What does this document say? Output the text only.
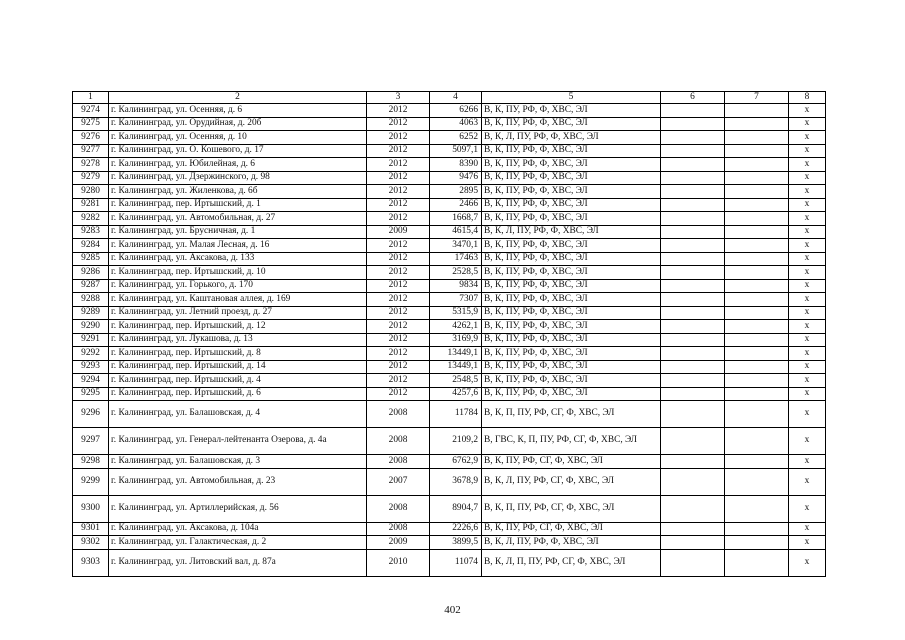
1	2	3	4	5	6	7	8
9274	г. Калининград, ул. Осенняя, д. 6	2012	6266	В, К, ПУ, РФ, Ф, ХВС, ЭЛ			x
9275	г. Калининград, ул. Орудийная, д. 20б	2012	4063	В, К, ПУ, РФ, Ф, ХВС, ЭЛ			x
9276	г. Калининград, ул. Осенняя, д. 10	2012	6252	В, К, Л, ПУ, РФ, Ф, ХВС, ЭЛ			x
9277	г. Калининград, ул. О. Кошевого, д. 17	2012	5097,1	В, К, ПУ, РФ, Ф, ХВС, ЭЛ			x
9278	г. Калининград, ул. Юбилейная, д. 6	2012	8390	В, К, ПУ, РФ, Ф, ХВС, ЭЛ			x
9279	г. Калининград, ул. Дзержинского, д. 98	2012	9476	В, К, ПУ, РФ, Ф, ХВС, ЭЛ			x
9280	г. Калининград, ул. Жиленкова, д. 6б	2012	2895	В, К, ПУ, РФ, Ф, ХВС, ЭЛ			x
9281	г. Калининград, пер. Иртышский, д. 1	2012	2466	В, К, ПУ, РФ, Ф, ХВС, ЭЛ			x
9282	г. Калининград, ул. Автомобильная, д. 27	2012	1668,7	В, К, ПУ, РФ, Ф, ХВС, ЭЛ			x
9283	г. Калининград, ул. Брусничная, д. 1	2009	4615,4	В, К, Л, ПУ, РФ, Ф, ХВС, ЭЛ			x
9284	г. Калининград, ул. Малая Лесная, д. 16	2012	3470,1	В, К, ПУ, РФ, Ф, ХВС, ЭЛ			x
9285	г. Калининград, ул. Аксакова, д. 133	2012	17463	В, К, ПУ, РФ, Ф, ХВС, ЭЛ			x
9286	г. Калининград, пер. Иртышский, д. 10	2012	2528,5	В, К, ПУ, РФ, Ф, ХВС, ЭЛ			x
9287	г. Калининград, ул. Горького, д. 170	2012	9834	В, К, ПУ, РФ, Ф, ХВС, ЭЛ			x
9288	г. Калининград, ул. Каштановая аллея, д. 169	2012	7307	В, К, ПУ, РФ, Ф, ХВС, ЭЛ			x
9289	г. Калининград, ул. Летний проезд, д. 27	2012	5315,9	В, К, ПУ, РФ, Ф, ХВС, ЭЛ			x
9290	г. Калининград, пер. Иртышский, д. 12	2012	4262,1	В, К, ПУ, РФ, Ф, ХВС, ЭЛ			x
9291	г. Калининград, ул. Лукашова, д. 13	2012	3169,9	В, К, ПУ, РФ, Ф, ХВС, ЭЛ			x
9292	г. Калининград, пер. Иртышский, д. 8	2012	13449,1	В, К, ПУ, РФ, Ф, ХВС, ЭЛ			x
9293	г. Калининград, пер. Иртышский, д. 14	2012	13449,1	В, К, ПУ, РФ, Ф, ХВС, ЭЛ			x
9294	г. Калининград, пер. Иртышский, д. 4	2012	2548,5	В, К, ПУ, РФ, Ф, ХВС, ЭЛ			x
9295	г. Калининград, пер. Иртышский, д. 6	2012	4257,6	В, К, ПУ, РФ, Ф, ХВС, ЭЛ			x
9296	г. Калининград, ул. Балашовская, д. 4	2008	11784	В, К, П, ПУ, РФ, СГ, Ф, ХВС, ЭЛ			x
9297	г. Калининград, ул. Генерал-лейтенанта Озерова, д. 4а	2008	2109,2	В, ГВС, К, П, ПУ, РФ, СГ, Ф, ХВС, ЭЛ			x
9298	г. Калининград, ул. Балашовская, д. 3	2008	6762,9	В, К, ПУ, РФ, СГ, Ф, ХВС, ЭЛ			x
9299	г. Калининград, ул. Автомобильная, д. 23	2007	3678,9	В, К, Л, ПУ, РФ, СГ, Ф, ХВС, ЭЛ			x
9300	г. Калининград, ул. Артиллерийская, д. 56	2008	8904,7	В, К, П, ПУ, РФ, СГ, Ф, ХВС, ЭЛ			x
9301	г. Калининград, ул. Аксакова, д. 104а	2008	2226,6	В, К, ПУ, РФ, СГ, Ф, ХВС, ЭЛ			x
9302	г. Калининград, ул. Галактическая, д. 2	2009	3899,5	В, К, Л, ПУ, РФ, Ф, ХВС, ЭЛ			x
9303	г. Калининград, ул. Литовский вал, д. 87а	2010	11074	В, К, Л, П, ПУ, РФ, СГ, Ф, ХВС, ЭЛ			x
402
